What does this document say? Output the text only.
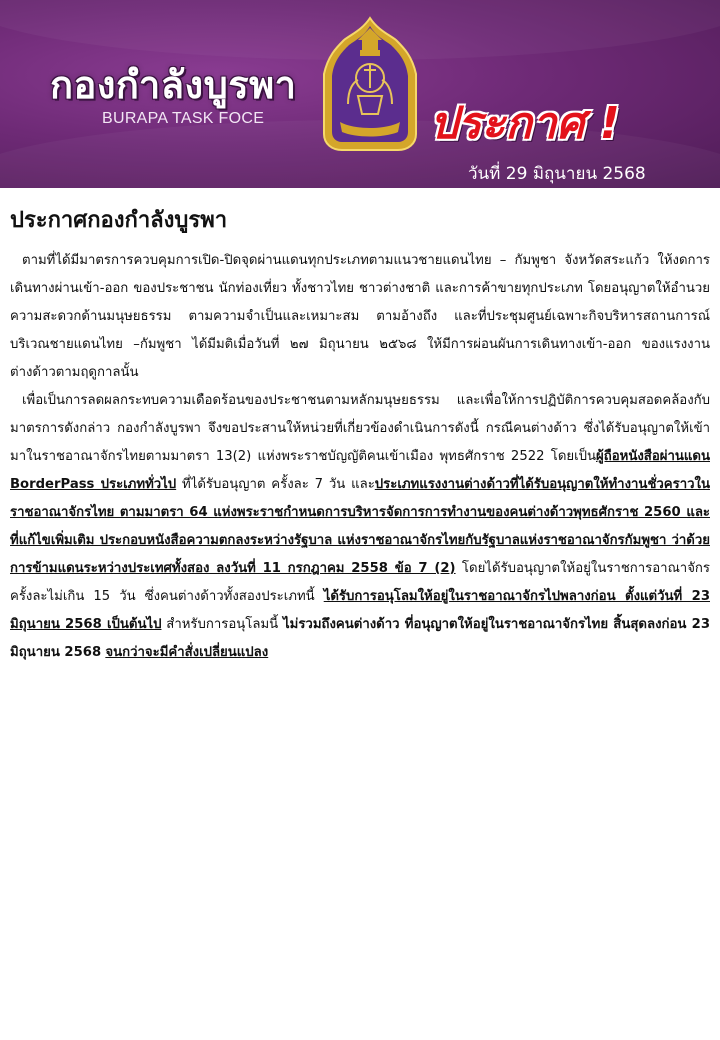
กองกำลังบูรพา
BURAPA TASK FOCE	ประกาศ !
วันที่ 29 มิถุนายน 2568
ประกาศกองกำลังบูรพา

ตามที่ได้มีมาตรการควบคุมการเปิด-ปิดจุดผ่านแดนทุกประเภทตามแนวชายแดนไทย – กัมพูชา จังหวัดสระแก้ว ให้งดการเดินทางผ่านเข้า-ออก ของประชาชน นักท่องเที่ยว ทั้งชาวไทย ชาวต่างชาติ และการค้าขายทุกประเภท โดยอนุญาตให้อำนวยความสะดวกด้านมนุษยธรรม ตามความจำเป็นและเหมาะสม ตามอ้างถึง และที่ประชุมศูนย์เฉพาะกิจบริหารสถานการณ์บริเวณชายแดนไทย –กัมพูชา ได้มีมติเมื่อวันที่ ๒๗ มิถุนายน ๒๕๖๘ ให้มีการผ่อนผันการเดินทางเข้า-ออก ของแรงงานต่างด้าวตามฤดูกาลนั้น

เพื่อเป็นการลดผลกระทบความเดือดร้อนของประชาชนตามหลักมนุษยธรรม และเพื่อให้การปฏิบัติการควบคุมสอดคล้องกับมาตรการดังกล่าว กองกำลังบูรพา จึงขอประสานให้หน่วยที่เกี่ยวข้องดำเนินการดังนี้ กรณีคนต่างด้าว ซึ่งได้รับอนุญาตให้เข้ามาในราชอาณาจักรไทยตามมาตรา 13(2) แห่งพระราชบัญญัติคนเข้าเมือง พุทธศักราช 2522 โดยเป็นผู้ถือหนังสือผ่านแดน BorderPass ประเภททั่วไป ที่ได้รับอนุญาต ครั้งละ 7 วัน และประเภทแรงงานต่างด้าวที่ได้รับอนุญาตให้ทำงานชั่วคราวในราชอาณาจักรไทย ตามมาตรา 64 แห่งพระราชกำหนดการบริหารจัดการการทำงานของคนต่างด้าวพุทธศักราช 2560 และที่แก้ไขเพิ่มเติม ประกอบหนังสือความตกลงระหว่างรัฐบาล แห่งราชอาณาจักรไทยกับรัฐบาลแห่งราชอาณาจักรกัมพูชา ว่าด้วยการข้ามแดนระหว่างประเทศทั้งสอง ลงวันที่ 11 กรกฎาคม 2558 ข้อ 7 (2) โดยได้รับอนุญาตให้อยู่ในราชการอาณาจักรครั้งละไม่เกิน 15 วัน ซึ่งคนต่างด้าวทั้งสองประเภทนี้ ได้รับการอนุโลมให้อยู่ในราชอาณาจักรไปพลางก่อน ตั้งแต่วันที่ 23 มิถุนายน 2568 เป็นต้นไป สำหรับการอนุโลมนี้ ไม่รวมถึงคนต่างด้าว ที่อนุญาตให้อยู่ในราชอาณาจักรไทย สิ้นสุดลงก่อน 23 มิถุนายน 2568 จนกว่าจะมีคำสั่งเปลี่ยนแปลง
